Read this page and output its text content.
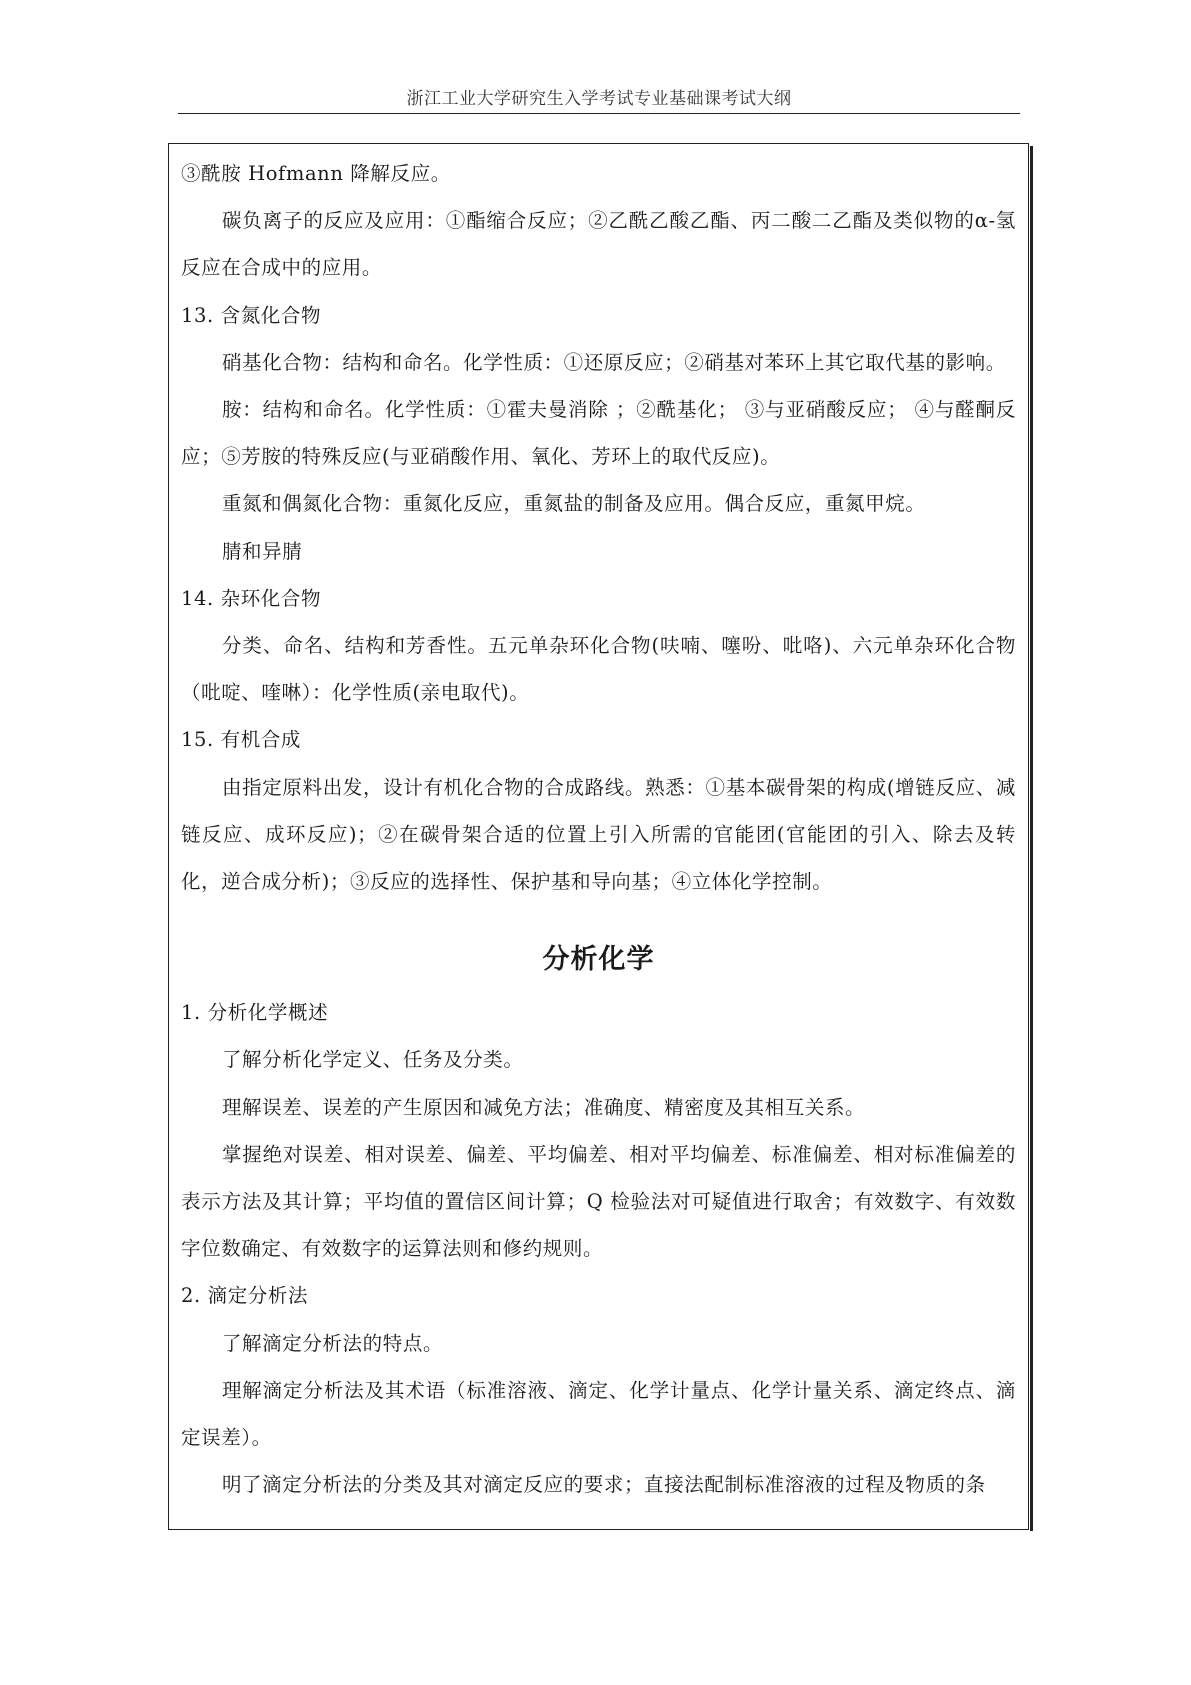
浙江工业大学研究生入学考试专业基础课考试大纲

③酰胺 Hofmann 降解反应。

碳负离子的反应及应用：①酯缩合反应；②乙酰乙酸乙酯、丙二酸二乙酯及类似物的α-氢反应在合成中的应用。

13. 含氮化合物

硝基化合物：结构和命名。化学性质：①还原反应；②硝基对苯环上其它取代基的影响。

胺：结构和命名。化学性质：①霍夫曼消除 ；②酰基化； ③与亚硝酸反应； ④与醛酮反应；⑤芳胺的特殊反应(与亚硝酸作用、氧化、芳环上的取代反应)。

重氮和偶氮化合物：重氮化反应，重氮盐的制备及应用。偶合反应，重氮甲烷。

腈和异腈

14. 杂环化合物

分类、命名、结构和芳香性。五元单杂环化合物(呋喃、噻吩、吡咯)、六元单杂环化合物（吡啶、喹啉）：化学性质(亲电取代)。

15. 有机合成

由指定原料出发，设计有机化合物的合成路线。熟悉：①基本碳骨架的构成(增链反应、减链反应、成环反应)；②在碳骨架合适的位置上引入所需的官能团(官能团的引入、除去及转化，逆合成分析)；③反应的选择性、保护基和导向基；④立体化学控制。

分析化学

1. 分析化学概述

了解分析化学定义、任务及分类。

理解误差、误差的产生原因和减免方法；准确度、精密度及其相互关系。

掌握绝对误差、相对误差、偏差、平均偏差、相对平均偏差、标准偏差、相对标准偏差的表示方法及其计算；平均值的置信区间计算；Q 检验法对可疑值进行取舍；有效数字、有效数字位数确定、有效数字的运算法则和修约规则。

2. 滴定分析法

了解滴定分析法的特点。

理解滴定分析法及其术语（标准溶液、滴定、化学计量点、化学计量关系、滴定终点、滴定误差）。

明了滴定分析法的分类及其对滴定反应的要求；直接法配制标准溶液的过程及物质的条
